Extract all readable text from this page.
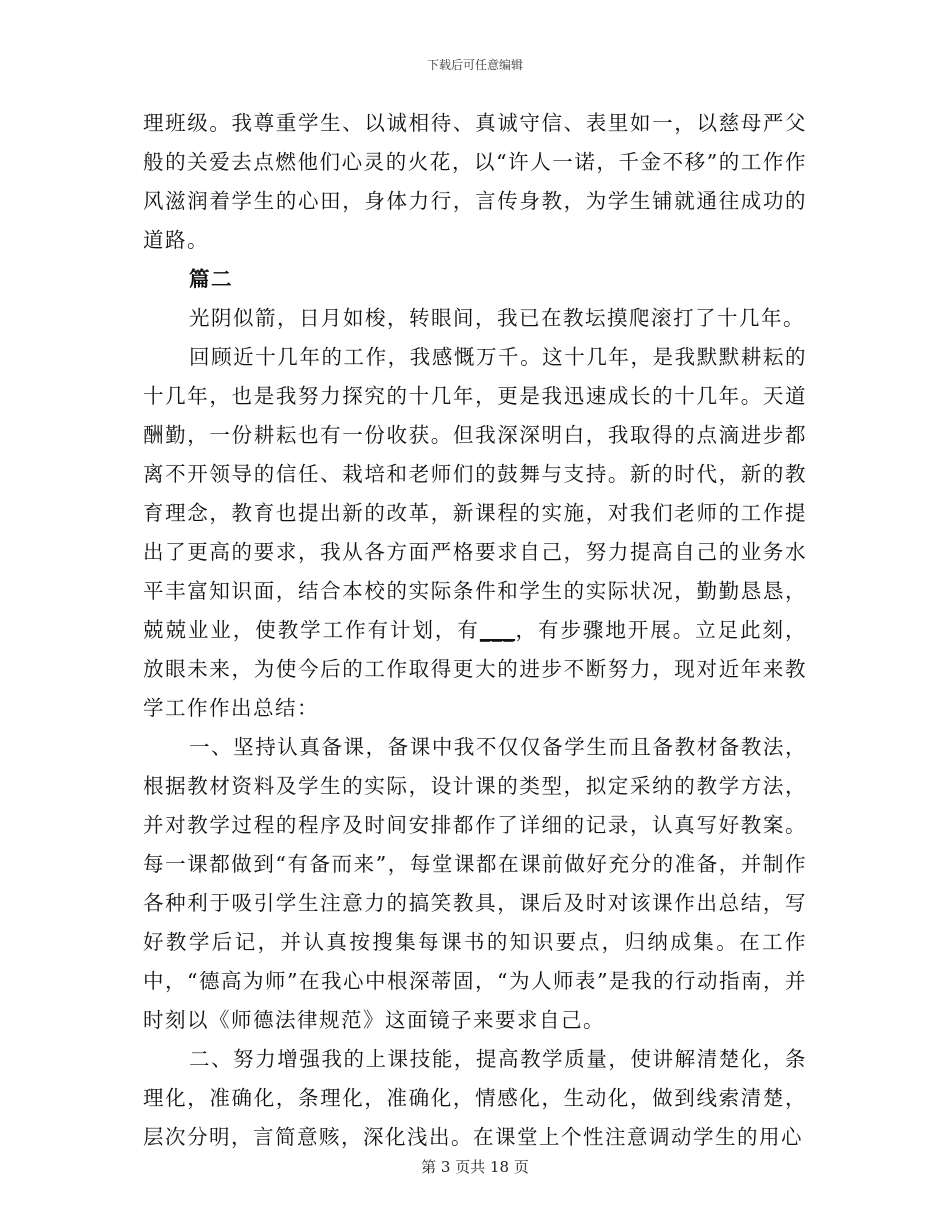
下载后可任意编辑

理班级。我尊重学生、以诚相待、真诚守信、表里如一，以慈母严父般的关爱去点燃他们心灵的火花，以“许人一诺，千金不移”的工作作风滋润着学生的心田，身体力行，言传身教，为学生铺就通往成功的道路。

篇二

光阴似箭，日月如梭，转眼间，我已在教坛摸爬滚打了十几年。

回顾近十几年的工作，我感慨万千。这十几年，是我默默耕耘的十几年，也是我努力探究的十几年，更是我迅速成长的十几年。天道酬勤，一份耕耘也有一份收获。但我深深明白，我取得的点滴进步都离不开领导的信任、栽培和老师们的鼓舞与支持。新的时代，新的教育理念，教育也提出新的改革，新课程的实施，对我们老师的工作提出了更高的要求，我从各方面严格要求自己，努力提高自己的业务水平丰富知识面，结合本校的实际条件和学生的实际状况，勤勤恳恳，兢兢业业，使教学工作有计划，有___，有步骤地开展。立足此刻，放眼未来，为使今后的工作取得更大的进步不断努力，现对近年来教学工作作出总结：

一、坚持认真备课，备课中我不仅仅备学生而且备教材备教法，根据教材资料及学生的实际，设计课的类型，拟定采纳的教学方法，并对教学过程的程序及时间安排都作了详细的记录，认真写好教案。每一课都做到“有备而来”，每堂课都在课前做好充分的准备，并制作各种利于吸引学生注意力的搞笑教具，课后及时对该课作出总结，写好教学后记，并认真按搜集每课书的知识要点，归纳成集。在工作中，“德高为师”在我心中根深蒂固，“为人师表”是我的行动指南，并时刻以《师德法律规范》这面镜子来要求自己。

二、努力增强我的上课技能，提高教学质量，使讲解清楚化，条理化，准确化，条理化，准确化，情感化，生动化，做到线索清楚，层次分明，言简意赅，深化浅出。在课堂上个性注意调动学生的用心

第 3 页共 18 页
